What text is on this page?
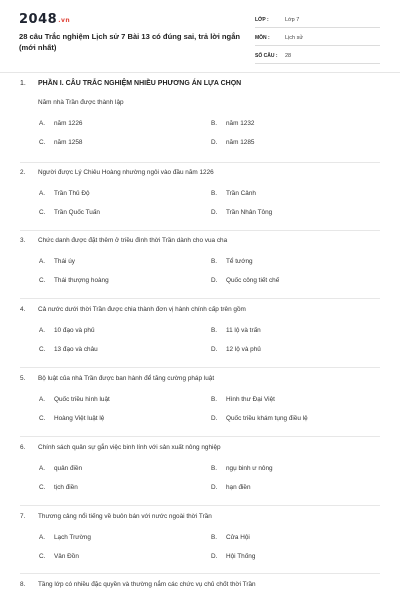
2048.vn
28 câu Trắc nghiệm Lịch sử 7 Bài 13 có đúng sai, trả lời ngắn (mới nhất)
LỚP :	Lớp 7
MÔN :	Lịch sử
SỐ CÂU :	28
1. PHẦN I. CÂU TRẮC NGHIỆM NHIỀU PHƯƠNG ÁN LỰA CHỌN
Năm nhà Trần được thành lập
A. năm 1226	B. năm 1232
C. năm 1258	D. năm 1285
2. Người được Lý Chiêu Hoàng nhường ngôi vào đầu năm 1226
A. Trần Thủ Độ	B. Trần Cảnh
C. Trần Quốc Tuấn	D. Trần Nhân Tông
3. Chức danh được đặt thêm ở triều đình thời Trần dành cho vua cha
A. Thái úy	B. Tể tướng
C. Thái thượng hoàng	D. Quốc công tiết chế
4. Cả nước dưới thời Trần được chia thành đơn vị hành chính cấp trên gồm
A. 10 đạo và phủ	B. 11 lộ và trấn
C. 13 đạo và châu	D. 12 lộ và phủ
5. Bộ luật của nhà Trần được ban hành để tăng cường pháp luật
A. Quốc triều hình luật	B. Hình thư Đại Việt
C. Hoàng Việt luật lệ	D. Quốc triều khám tụng điều lệ
6. Chính sách quân sự gắn việc binh lính với sản xuất nông nghiệp
A. quân điền	B. ngụ binh ư nông
C. tịch điền	D. hạn điền
7. Thương cảng nổi tiếng về buôn bán với nước ngoài thời Trần
A. Lạch Trường	B. Cửa Hội
C. Vân Đồn	D. Hội Thống
8. Tầng lớp có nhiều đặc quyền và thường nắm các chức vụ chủ chốt thời Trần
